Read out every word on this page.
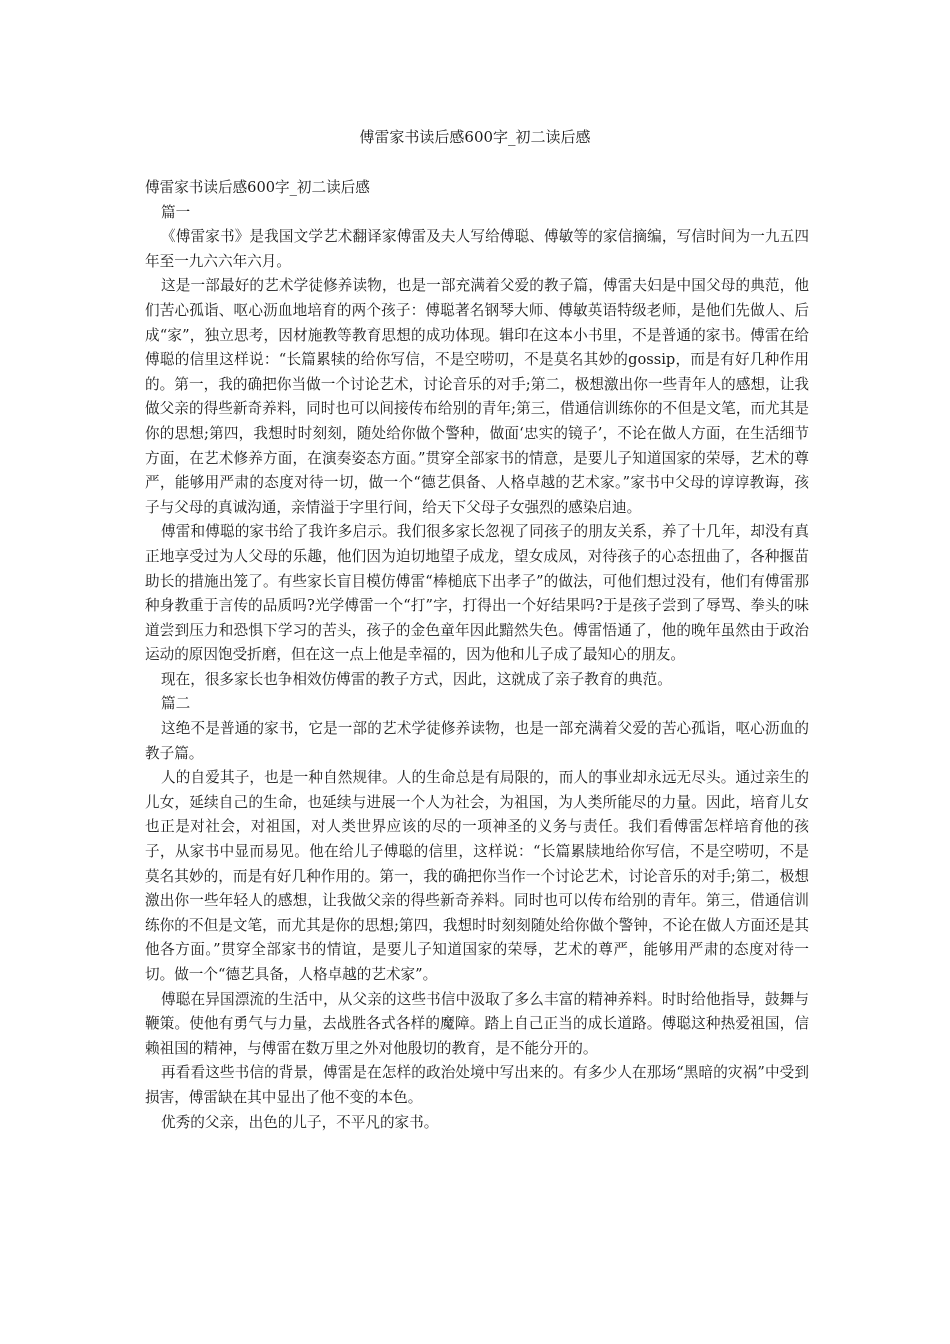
傅雷家书读后感600字_初二读后感

傅雷家书读后感600字_初二读后感

篇一

《傅雷家书》是我国文学艺术翻译家傅雷及夫人写给傅聪、傅敏等的家信摘编，写信时间为一九五四年至一九六六年六月。

这是一部最好的艺术学徒修养读物，也是一部充满着父爱的教子篇，傅雷夫妇是中国父母的典范，他们苦心孤诣、呕心沥血地培育的两个孩子：傅聪著名钢琴大师、傅敏英语特级老师，是他们先做人、后成“家”，独立思考，因材施教等教育思想的成功体现。辑印在这本小书里，不是普通的家书。傅雷在给傅聪的信里这样说：“长篇累犊的给你写信，不是空唠叨，不是莫名其妙的gossip，而是有好几种作用的。第一，我的确把你当做一个讨论艺术，讨论音乐的对手;第二，极想激出你一些青年人的感想，让我做父亲的得些新奇养料，同时也可以间接传布给别的青年;第三，借通信训练你的不但是文笔，而尤其是你的思想;第四，我想时时刻刻，随处给你做个警种，做面‘忠实的镜子’，不论在做人方面，在生活细节方面，在艺术修养方面，在演奏姿态方面。”贯穿全部家书的情意，是要儿子知道国家的荣辱，艺术的尊严，能够用严肃的态度对待一切，做一个“德艺俱备、人格卓越的艺术家。”家书中父母的谆谆教诲，孩子与父母的真诚沟通，亲情溢于字里行间，给天下父母子女强烈的感染启迪。

傅雷和傅聪的家书给了我许多启示。我们很多家长忽视了同孩子的朋友关系，养了十几年，却没有真正地享受过为人父母的乐趣，他们因为迫切地望子成龙，望女成凤，对待孩子的心态扭曲了，各种揠苗助长的措施出笼了。有些家长盲目模仿傅雷“棒槌底下出孝子”的做法，可他们想过没有，他们有傅雷那种身教重于言传的品质吗?光学傅雷一个“打”字，打得出一个好结果吗?于是孩子尝到了辱骂、拳头的味道尝到压力和恐惧下学习的苦头，孩子的金色童年因此黯然失色。傅雷悟通了，他的晚年虽然由于政治运动的原因饱受折磨，但在这一点上他是幸福的，因为他和儿子成了最知心的朋友。

现在，很多家长也争相效仿傅雷的教子方式，因此，这就成了亲子教育的典范。

篇二

这绝不是普通的家书，它是一部的艺术学徒修养读物，也是一部充满着父爱的苦心孤诣，呕心沥血的教子篇。

人的自爱其子，也是一种自然规律。人的生命总是有局限的，而人的事业却永远无尽头。通过亲生的儿女，延续自己的生命，也延续与进展一个人为社会，为祖国，为人类所能尽的力量。因此，培育儿女也正是对社会，对祖国，对人类世界应该的尽的一项神圣的义务与责任。我们看傅雷怎样培育他的孩子，从家书中显而易见。他在给儿子傅聪的信里，这样说：“长篇累牍地给你写信，不是空唠叨，不是莫名其妙的，而是有好几种作用的。第一，我的确把你当作一个讨论艺术，讨论音乐的对手;第二，极想激出你一些年轻人的感想，让我做父亲的得些新奇养料。同时也可以传布给别的青年。第三，借通信训练你的不但是文笔，而尤其是你的思想;第四，我想时时刻刻随处给你做个警钟，不论在做人方面还是其他各方面。”贯穿全部家书的情谊，是要儿子知道国家的荣辱，艺术的尊严，能够用严肃的态度对待一切。做一个“德艺具备，人格卓越的艺术家”。

傅聪在异国漂流的生活中，从父亲的这些书信中汲取了多么丰富的精神养料。时时给他指导，鼓舞与鞭策。使他有勇气与力量，去战胜各式各样的魔障。踏上自己正当的成长道路。傅聪这种热爱祖国，信赖祖国的精神，与傅雷在数万里之外对他殷切的教育，是不能分开的。

再看看这些书信的背景，傅雷是在怎样的政治处境中写出来的。有多少人在那场“黑暗的灾祸”中受到损害，傅雷缺在其中显出了他不变的本色。

优秀的父亲，出色的儿子，不平凡的家书。
